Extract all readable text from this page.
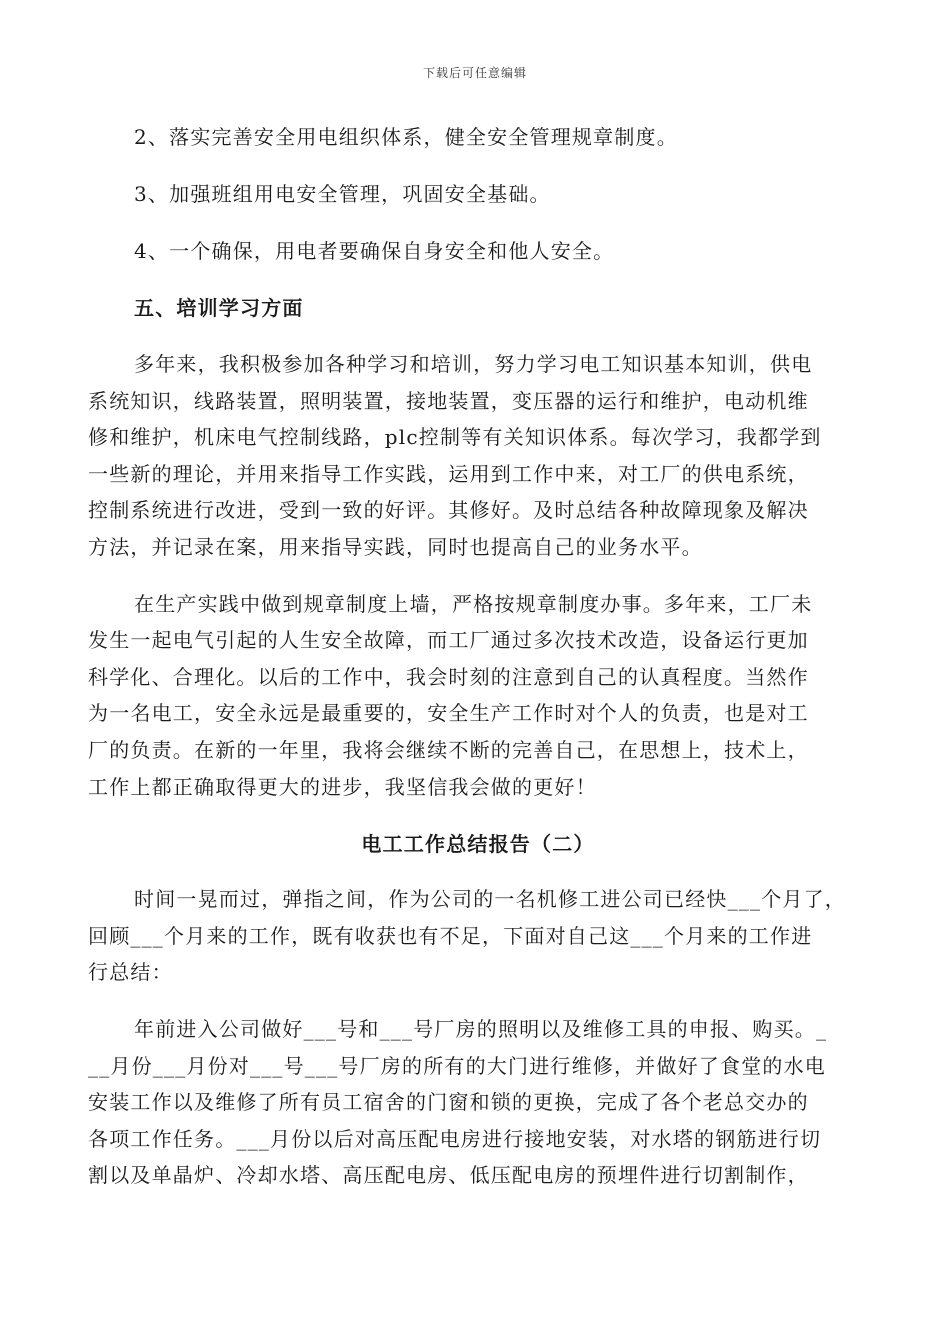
下载后可任意编辑
2、落实完善安全用电组织体系，健全安全管理规章制度。
3、加强班组用电安全管理，巩固安全基础。
4、一个确保，用电者要确保自身安全和他人安全。
五、培训学习方面
多年来，我积极参加各种学习和培训，努力学习电工知识基本知训，供电
系统知识，线路装置，照明装置，接地装置，变压器的运行和维护，电动机维
修和维护，机床电气控制线路，plc控制等有关知识体系。每次学习，我都学到
一些新的理论，并用来指导工作实践，运用到工作中来，对工厂的供电系统，
控制系统进行改进，受到一致的好评。其修好。及时总结各种故障现象及解决
方法，并记录在案，用来指导实践，同时也提高自己的业务水平。
在生产实践中做到规章制度上墙，严格按规章制度办事。多年来，工厂未
发生一起电气引起的人生安全故障，而工厂通过多次技术改造，设备运行更加
科学化、合理化。以后的工作中，我会时刻的注意到自己的认真程度。当然作
为一名电工，安全永远是最重要的，安全生产工作时对个人的负责，也是对工
厂的负责。在新的一年里，我将会继续不断的完善自己，在思想上，技术上，
工作上都正确取得更大的进步，我坚信我会做的更好！
电工工作总结报告（二）
时间一晃而过，弹指之间，作为公司的一名机修工进公司已经快___个月了，
回顾___个月来的工作，既有收获也有不足，下面对自己这___个月来的工作进
行总结：
年前进入公司做好___号和___号厂房的照明以及维修工具的申报、购买。_
__月份___月份对___号___号厂房的所有的大门进行维修，并做好了食堂的水电
安装工作以及维修了所有员工宿舍的门窗和锁的更换，完成了各个老总交办的
各项工作任务。___月份以后对高压配电房进行接地安装，对水塔的钢筋进行切
割以及单晶炉、冷却水塔、高压配电房、低压配电房的预埋件进行切割制作，
